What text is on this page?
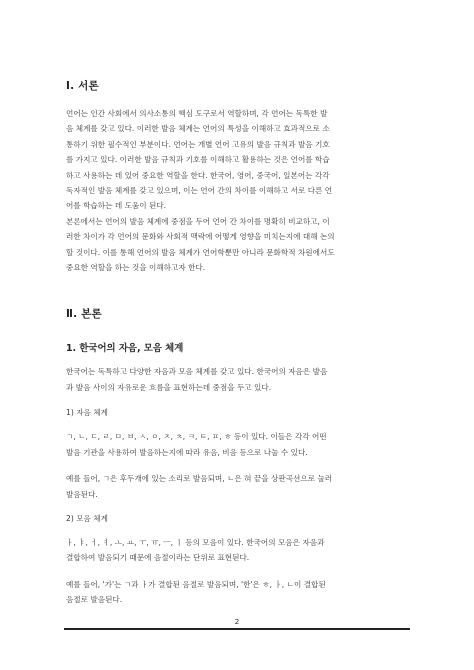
Ⅰ. 서론

언어는 인간 사회에서 의사소통의 핵심 도구로서 역할하며, 각 언어는 독특한 발
음 체계를 갖고 있다. 이러한 발음 체계는 언어의 특성을 이해하고 효과적으로 소
통하기 위한 필수적인 부분이다. 언어는 개별 언어 고유의 발음 규칙과 발음 기호
를 가지고 있다. 이러한 발음 규칙과 기호를 이해하고 활용하는 것은 언어를 학습
하고 사용하는 데 있어 중요한 역할을 한다. 한국어, 영어, 중국어, 일본어는 각각
독자적인 발음 체계를 갖고 있으며, 이는 언어 간의 차이를 이해하고 서로 다른 언
어를 학습하는 데 도움이 된다.

본론에서는 언어의 발음 체계에 중점을 두어 언어 간 차이를 명확히 비교하고, 이
러한 차이가 각 언어의 문화와 사회적 맥락에 어떻게 영향을 미치는지에 대해 논의
할 것이다. 이를 통해 언어의 발음 체계가 언어학뿐만 아니라 문화학적 차원에서도
중요한 역할을 하는 것을 이해하고자 한다.

Ⅱ. 본론
1. 한국어의 자음, 모음 체계

한국어는 독특하고 다양한 자음과 모음 체계를 갖고 있다. 한국어의 자음은 발음
과 발음 사이의 자유로운 흐름을 표현하는데 중점을 두고 있다.

1) 자음 체계

ㄱ, ㄴ, ㄷ, ㄹ, ㅁ, ㅂ, ㅅ, ㅇ, ㅈ, ㅊ, ㅋ, ㅌ, ㅍ, ㅎ 등이 있다. 이들은 각각 어떤
발음 기관을 사용하여 발음하는지에 따라 유음, 비음 등으로 나눌 수 있다.

예를 들어, ㄱ은 후두개에 있는 소리로 발음되며, ㄴ은 혀 끝을 상판곡선으로 눌러
발음된다.

2) 모음 체계

ㅏ, ㅑ, ㅓ, ㅕ, ㅗ, ㅛ, ㅜ, ㅠ, ㅡ, ㅣ 등의 모음이 있다. 한국어의 모음은 자음과
결합하여 발음되기 때문에 음절이라는 단위로 표현된다.

예를 들어, '가'는 ㄱ과 ㅏ가 결합된 음절로 발음되며, '한'은 ㅎ, ㅏ, ㄴ이 결합된
음절로 발음된다.

2
